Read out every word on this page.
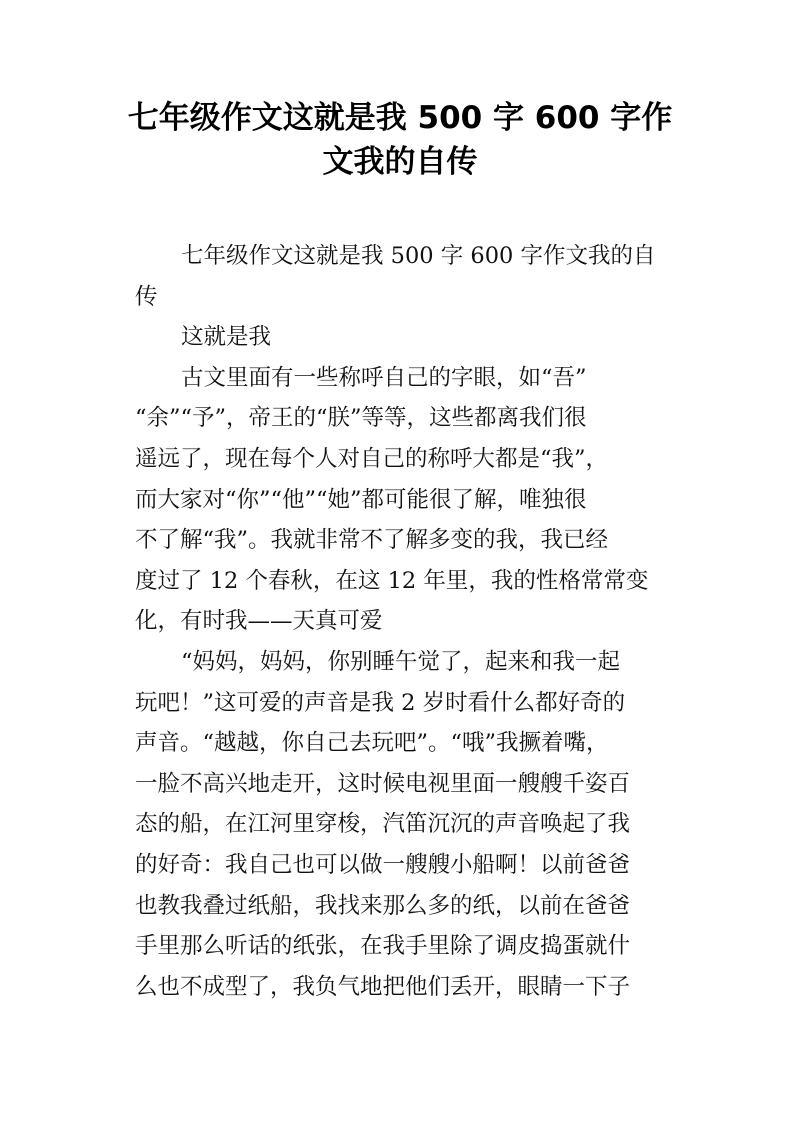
七年级作文这就是我 500 字 600 字作
文我的自传
七年级作文这就是我 500 字 600 字作文我的自
传
这就是我
古文里面有一些称呼自己的字眼，如“吾”
“余”“予”，帝王的“朕”等等，这些都离我们很
遥远了，现在每个人对自己的称呼大都是“我”，
而大家对“你”“他”“她”都可能很了解，唯独很
不了解“我”。我就非常不了解多变的我，我已经
度过了 12 个春秋，在这 12 年里，我的性格常常变
化，有时我——天真可爱
“妈妈，妈妈，你别睡午觉了，起来和我一起
玩吧！”这可爱的声音是我 2 岁时看什么都好奇的
声音。“越越，你自己去玩吧”。“哦”我撅着嘴，
一脸不高兴地走开，这时候电视里面一艘艘千姿百
态的船，在江河里穿梭，汽笛沉沉的声音唤起了我
的好奇：我自己也可以做一艘艘小船啊！以前爸爸
也教我叠过纸船，我找来那么多的纸，以前在爸爸
手里那么听话的纸张，在我手里除了调皮捣蛋就什
么也不成型了，我负气地把他们丢开，眼睛一下子
